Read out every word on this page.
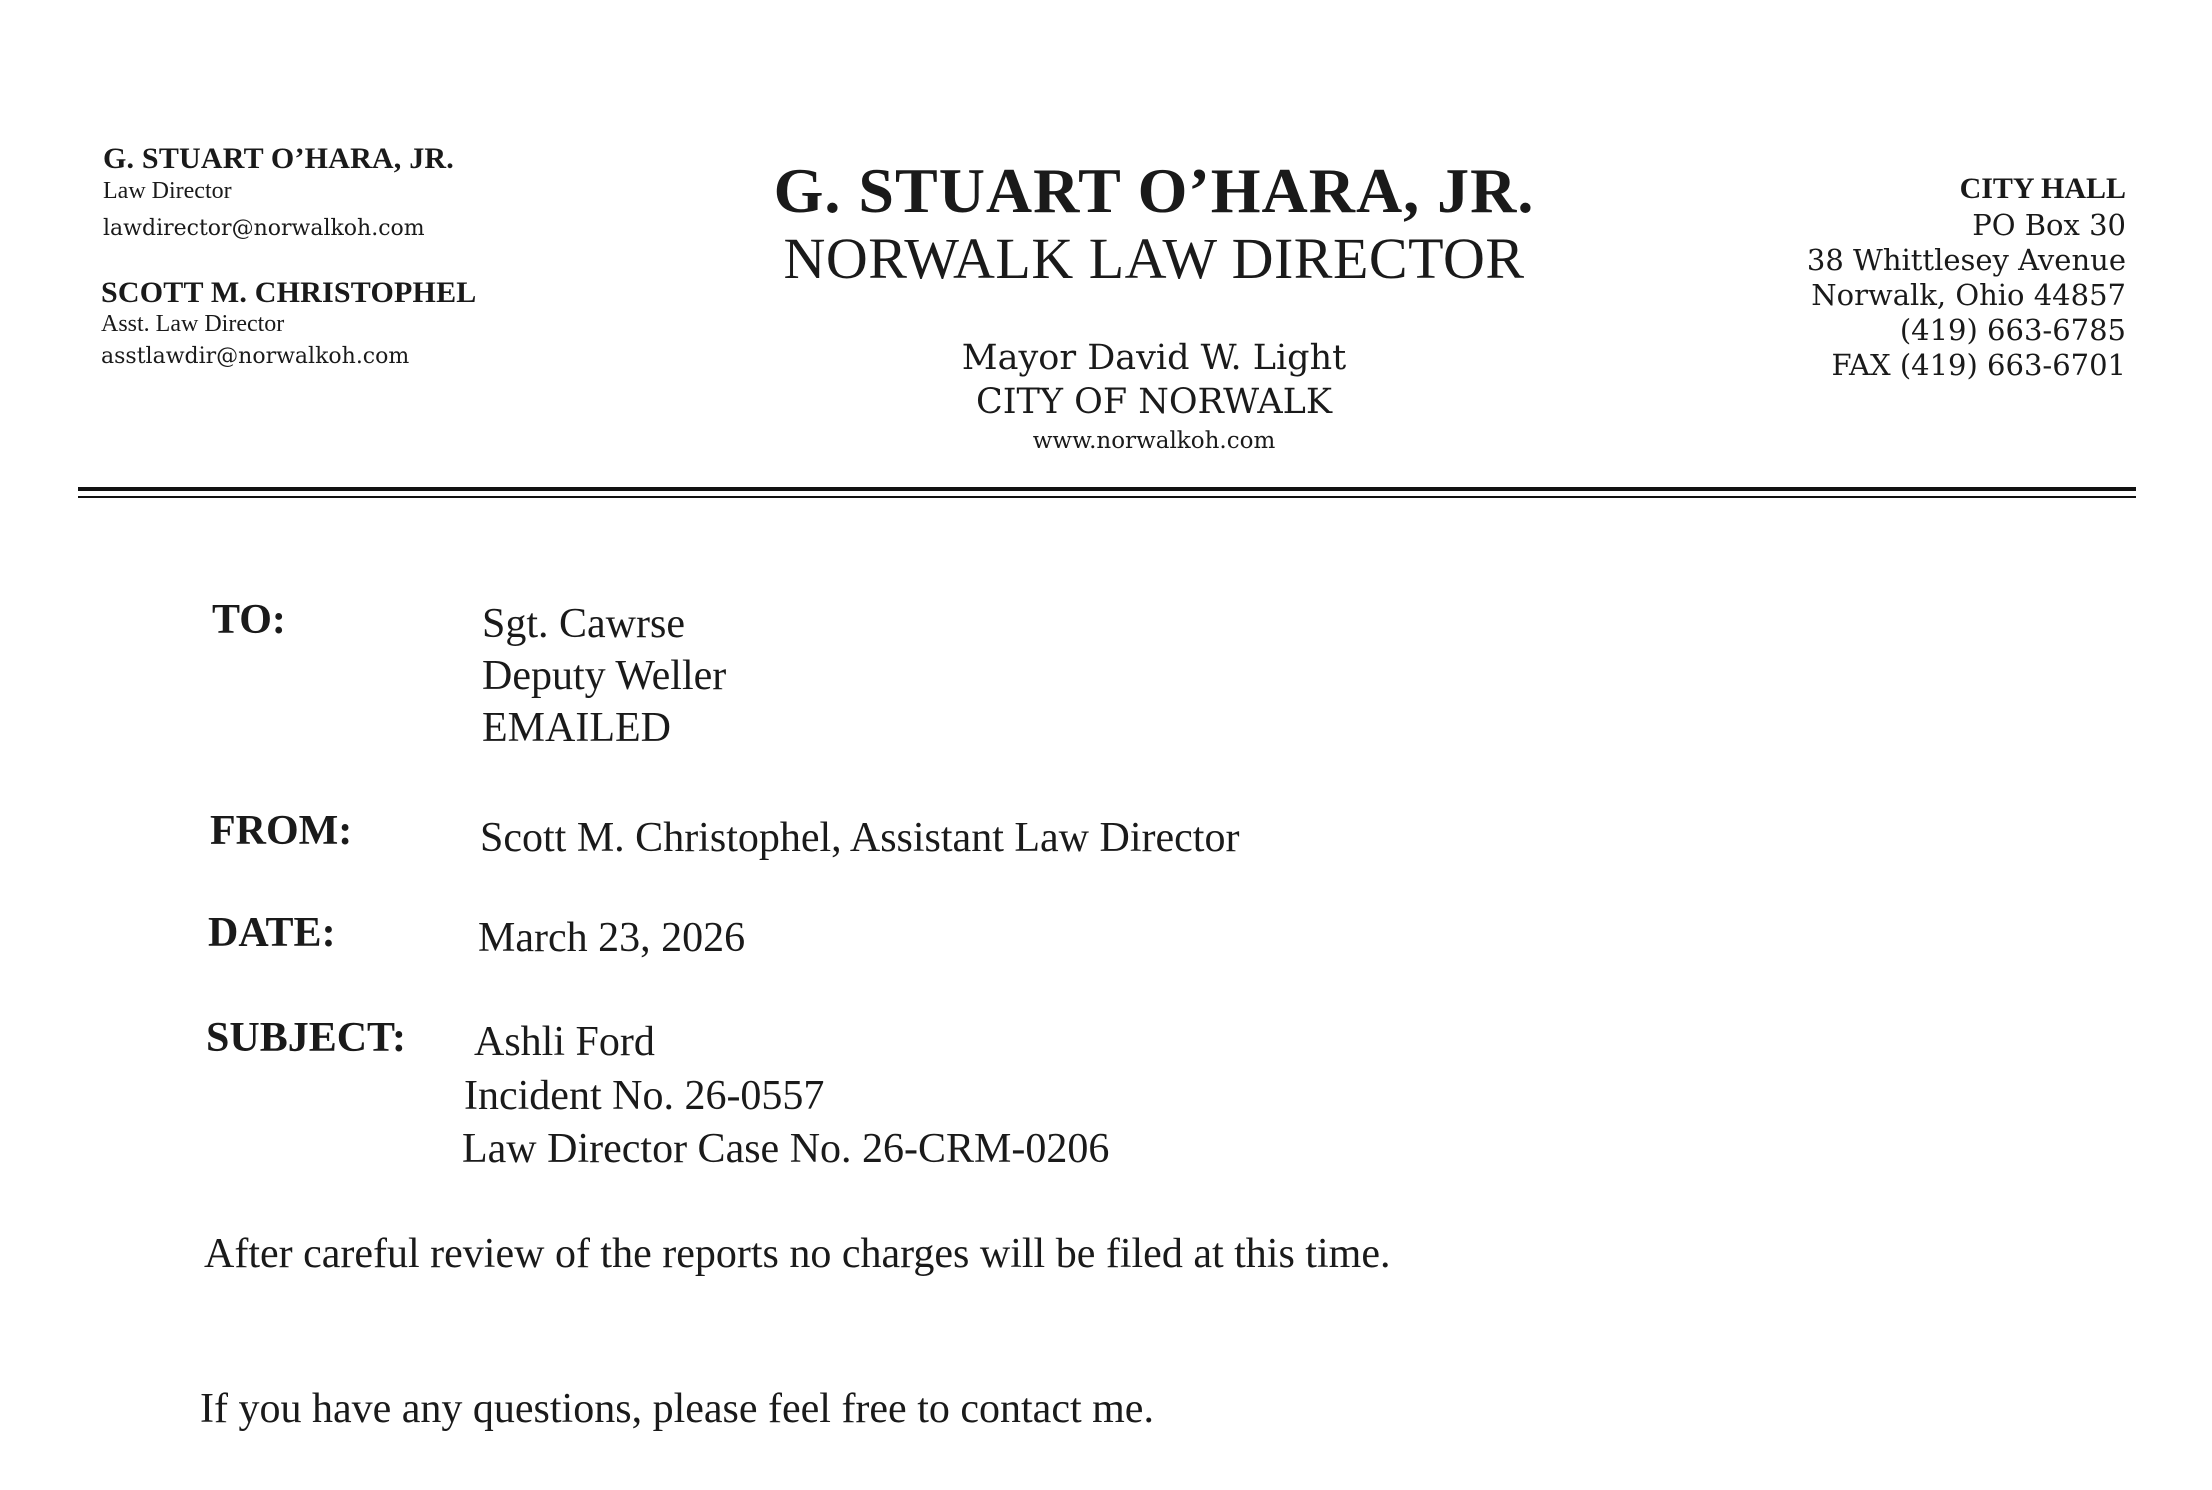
G. STUART O’HARA, JR.
Law Director
lawdirector@norwalkoh.com
SCOTT M. CHRISTOPHEL
Asst. Law Director
asstlawdir@norwalkoh.com
G. STUART O’HARA, JR.
NORWALK LAW DIRECTOR
Mayor David W. Light
CITY OF NORWALK
www.norwalkoh.com
CITY HALL
PO Box 30
38 Whittlesey Avenue
Norwalk, Ohio 44857
(419) 663-6785
FAX (419) 663-6701
TO:	Sgt. Cawrse
Deputy Weller
EMAILED
FROM:	Scott M. Christophel, Assistant Law Director
DATE:	March 23, 2026
SUBJECT: Ashli Ford
Incident No. 26-0557
Law Director Case No. 26-CRM-0206
After careful review of the reports no charges will be filed at this time.
If you have any questions, please feel free to contact me.
